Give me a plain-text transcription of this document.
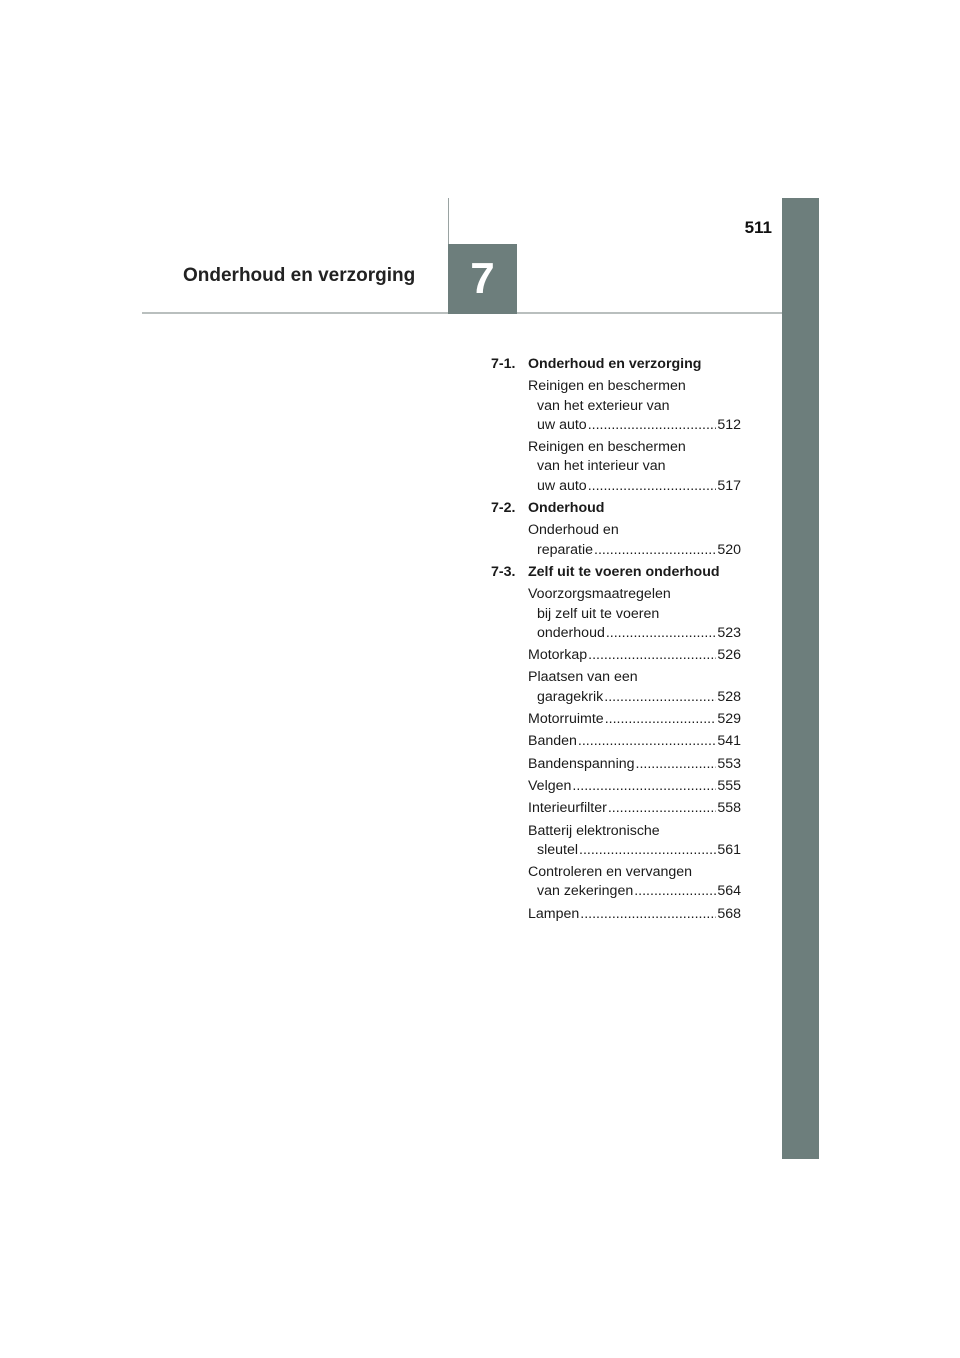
511
Onderhoud en verzorging 7
7-1. Onderhoud en verzorging
Reinigen en beschermen
van het exterieur van
uw auto .....	512
Reinigen en beschermen
van het interieur van
uw auto .....	517
7-2. Onderhoud
Onderhoud en
reparatie .....	520
7-3. Zelf uit te voeren onderhoud
Voorzorgsmaatregelen
bij zelf uit te voeren
onderhoud .....	523
Motorkap .....	526
Plaatsen van een
garagekrik .....	528
Motorruimte .....	529
Banden .....	541
Bandenspanning .....	553
Velgen .....	555
Interieurfilter .....	558
Batterij elektronische
sleutel .....	561
Controleren en vervangen
van zekeringen .....	564
Lampen .....	568
